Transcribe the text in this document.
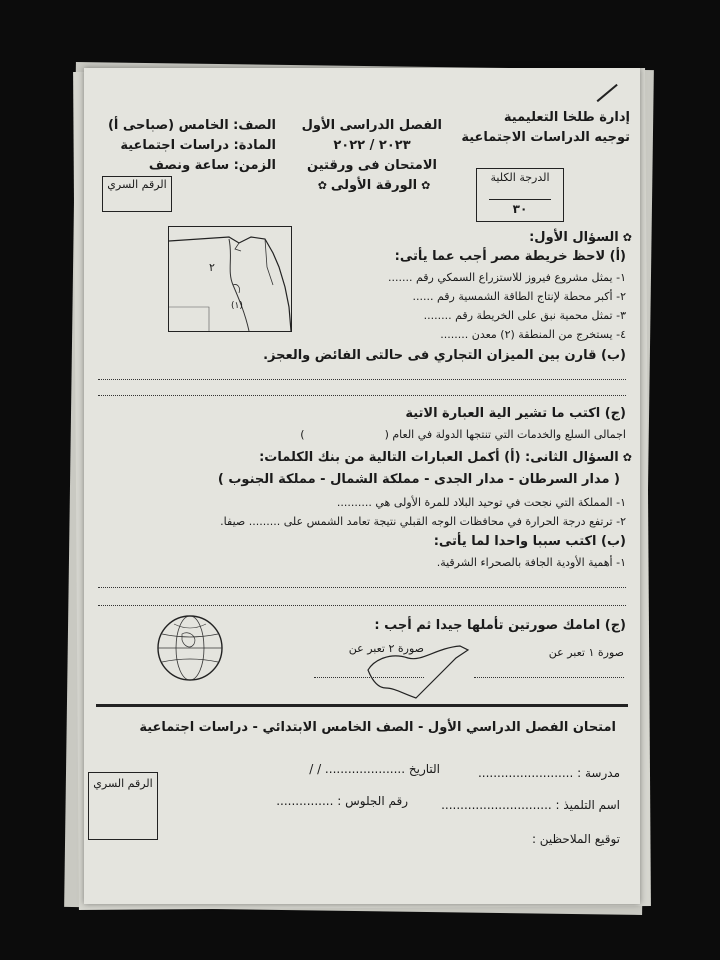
إدارة طلخا التعليمية
توجيه الدراسات الاجتماعية
الفصل الدراسى الأول
٢٠٢٣ / ٢٠٢٢
الامتحان فى ورقتين
✿الورقة الأولى✿
الصف: الخامس (صباحى أ)
المادة: دراسات اجتماعية
الزمن: ساعة ونصف
الدرجة الكلية
٣٠
الرقم السري
✿السؤال الأول:
(أ) لاحظ خريطة مصر أجب عما يأتى:
١- يمثل مشروع فيروز للاستزراع السمكي رقم .......
٢- أكبر محطة لإنتاج الطاقة الشمسية رقم ......
٣- تمثل محمية نبق على الخريطة رقم ........
٤- يستخرج من المنطقة (٢) معدن ........
٢
(١)
(ب) قارن بين الميزان التجاري فى حالتى الفائض والعجز.
(ج) اكتب ما تشير الية العبارة الاتية
اجمالى السلع والخدمات التي تنتجها الدولة في العام ()
✿السؤال الثانى: (أ) أكمل العبارات التالية من بنك الكلمات:
( مدار السرطان - مدار الجدى - مملكة الشمال - مملكة الجنوب )
١- المملكة التي نجحت في توحيد البلاد للمرة الأولى هي ..........
٢- ترتفع درجة الحرارة في محافظات الوجه القبلي نتيجة تعامد الشمس على ......... صيفا.
(ب) اكتب سببا واحدا لما يأتى:
١- أهمية الأودية الجافة بالصحراء الشرقية.
(ج) امامك صورتين تأملها جيدا ثم أجب :
صورة ١ تعبر عن
صورة ٢ تعبر عن
امتحان الفصل الدراسي الأول - الصف الخامس الابتدائي - دراسات اجتماعية
مدرسة : .........................
التاريخ ..................... / /
اسم التلميذ : .............................
رقم الجلوس : ...............
توقيع الملاحظين :
الرقم السري
